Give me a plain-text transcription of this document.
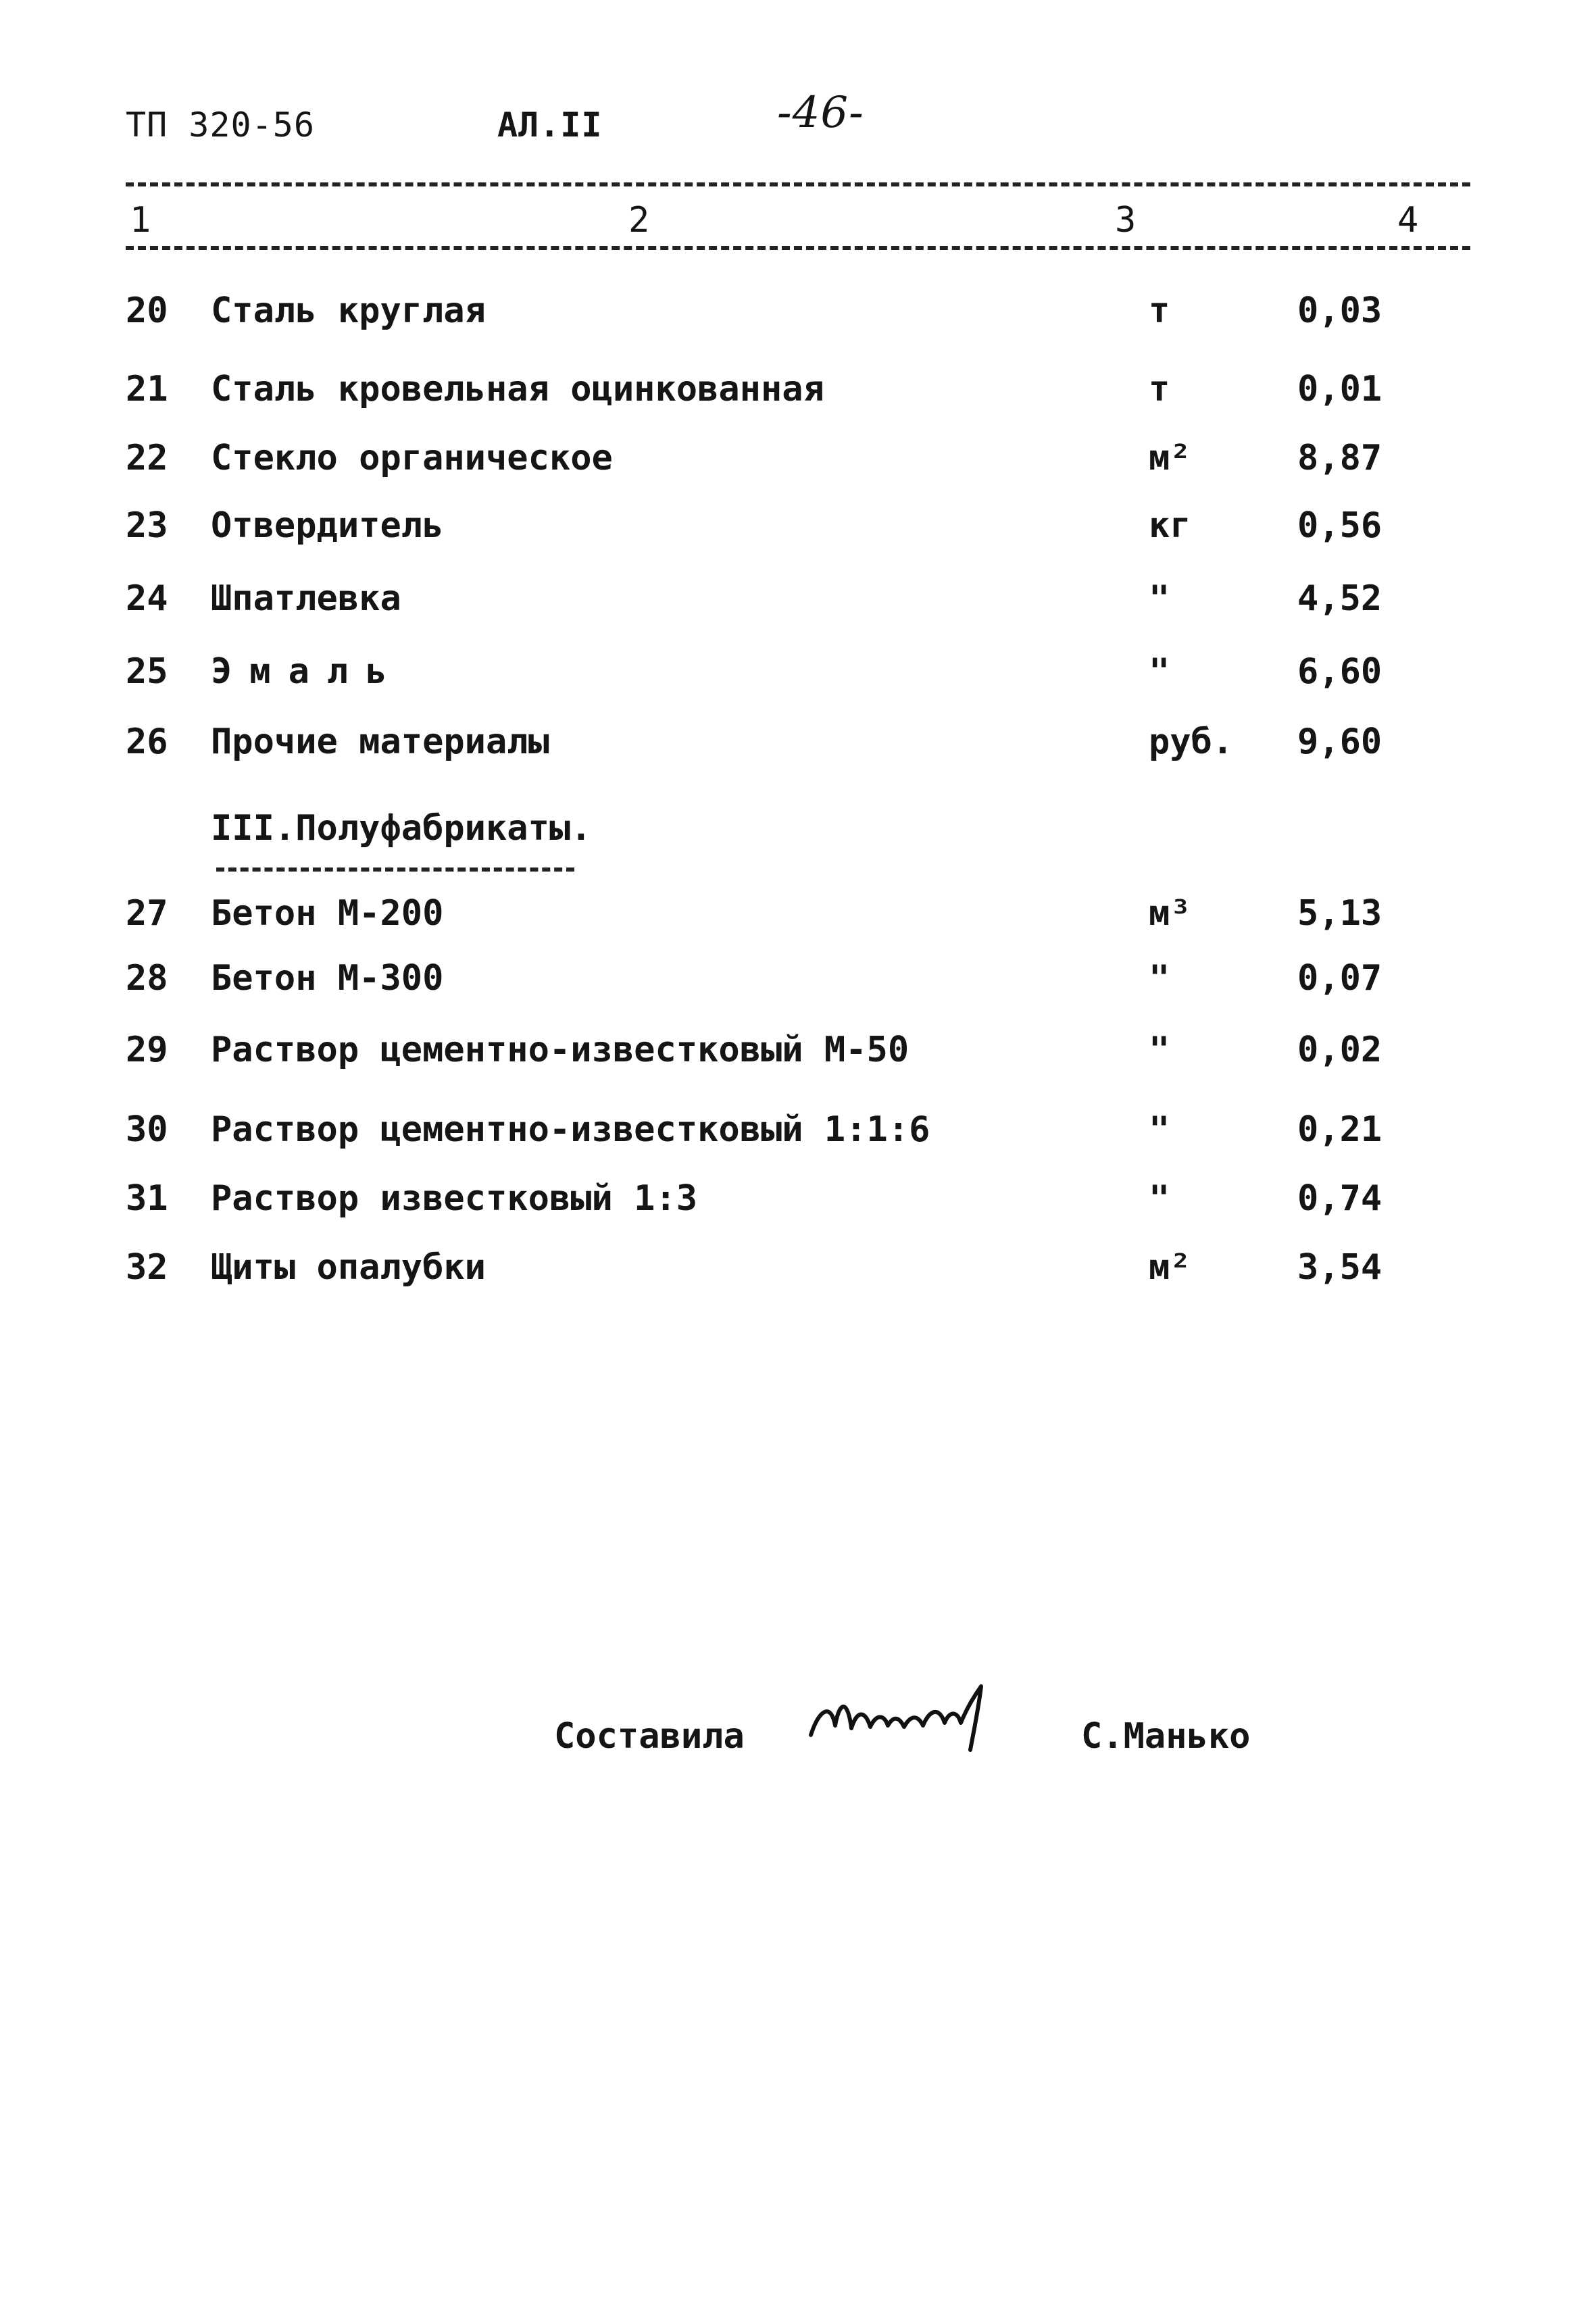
ТП 320-56	АЛ.II	-46-
1	2	3	4
20 Сталь круглая	т	0,03
21 Сталь кровельная оцинкованная	т	0,01
22 Стекло органическое	м²	8,87
23 Отвердитель	кг	0,56
24 Шпатлевка	"	4,52
25 Эмаль	"	6,60
26 Прочие материалы	руб. 9,60
III.Полуфабрикаты.
27 Бетон М-200	м³	5,13
28 Бетон М-300	"	0,07
29 Раствор цементно-известковый М-50	"	0,02
30 Раствор цементно-известковый 1:1:6	"	0,21
31 Раствор известковый 1:3	"	0,74
32 Щиты опалубки	м²	3,54
Составила	С.Манько
